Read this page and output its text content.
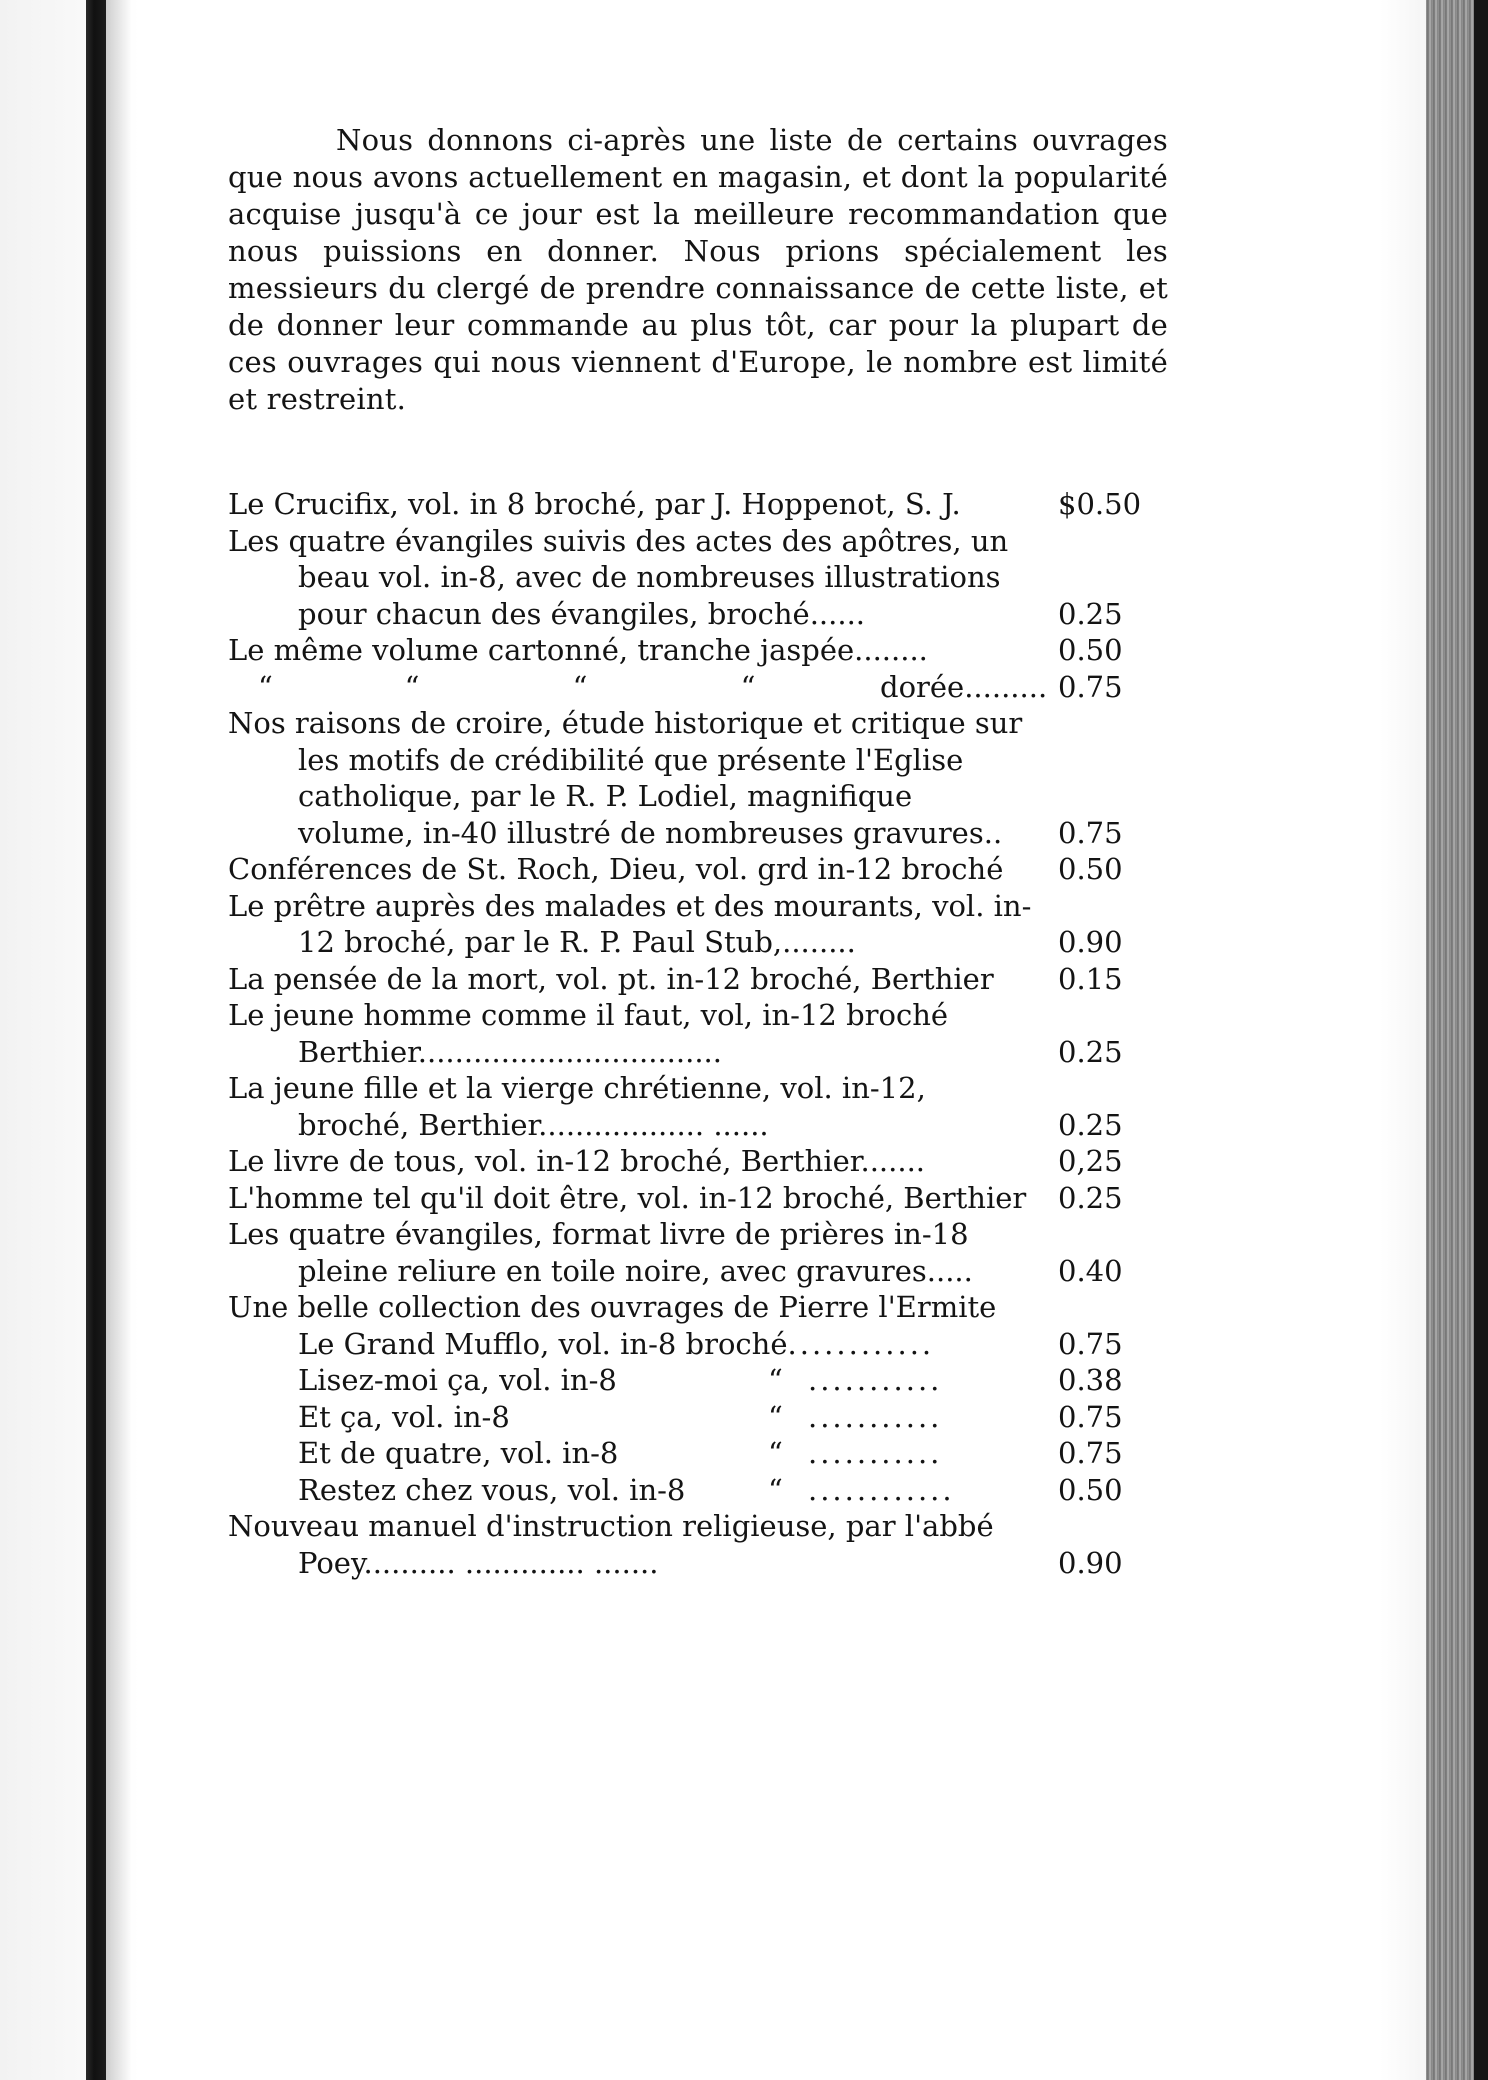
Nous donnons ci-après une liste de certains ouvrages que nous avons actuellement en magasin, et dont la popularité acquise jusqu'à ce jour est la meilleure recommandation que nous puissions en donner. Nous prions spécialement les messieurs du clergé de prendre connaissance de cette liste, et de donner leur commande au plus tôt, car pour la plupart de ces ouvrages qui nous viennent d'Europe, le nombre est limité et restreint.

Le Crucifix, vol. in 8 broché, par J. Hoppenot, S. J.	$0.50
Les quatre évangiles suivis des actes des apôtres, un beau vol. in-8, avec de nombreuses illustrations pour chacun des évangiles, broché......	0.25
Le même volume cartonné, tranche jaspée........	0.50
“	“	“	“	dorée......... 0.75
Nos raisons de croire, étude historique et critique sur les motifs de crédibilité que présente l'Eglise catholique, par le R. P. Lodiel, magnifique volume, in-40 illustré de nombreuses gravures..	0.75
Conférences de St. Roch, Dieu, vol. grd in-12 broché	0.50
Le prêtre auprès des malades et des mourants, vol. in-12 broché, par le R. P. Paul Stub,........	0.90
La pensée de la mort, vol. pt. in-12 broché, Berthier	0.15
Le jeune homme comme il faut, vol, in-12 broché Berthier.................................	0.25
La jeune fille et la vierge chrétienne, vol. in-12, broché, Berthier.................. ......	0.25
Le livre de tous, vol. in-12 broché, Berthier.......	0,25
L'homme tel qu'il doit être, vol. in-12 broché, Berthier	0.25
Les quatre évangiles, format livre de prières in-18 pleine reliure en toile noire, avec gravures.....	0.40
Une belle collection des ouvrages de Pierre l'Ermite
Le Grand Mufflo, vol. in-8 broché............	0.75
Lisez-moi ça, vol. in-8	“ ...........	0.38
Et ça, vol. in-8	“ ...........	0.75
Et de quatre, vol. in-8	“ ...........	0.75
Restez chez vous, vol. in-8	“ ............	0.50
Nouveau manuel d'instruction religieuse, par l'abbé Poey.......... ............. .......	0.90
